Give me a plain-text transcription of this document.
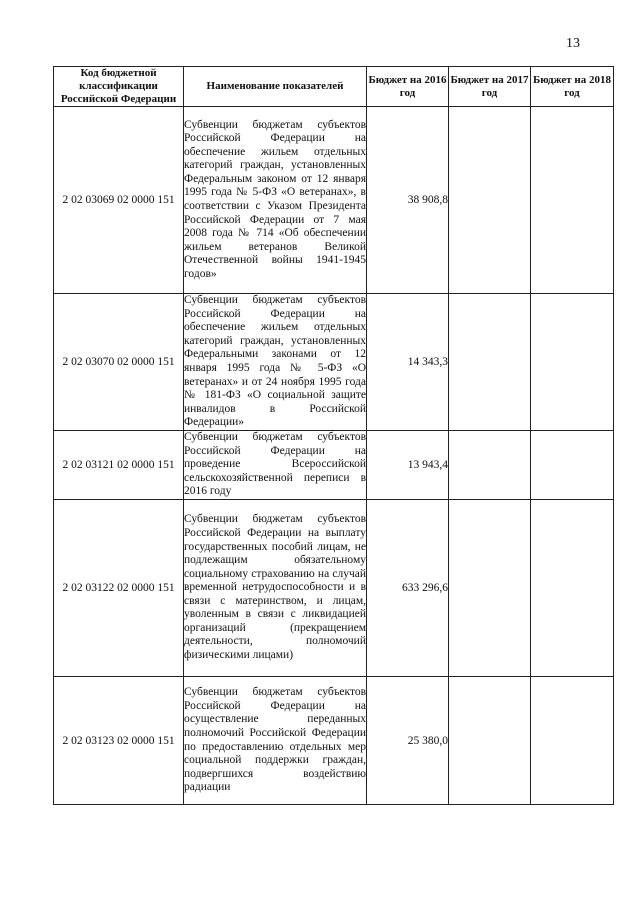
13
Код бюджетной классификации Российской Федерации	Наименование показателей	Бюджет на 2016 год	Бюджет на 2017 год	Бюджет на 2018 год
2 02 03069 02 0000 151	Субвенции бюджетам субъектов Российской Федерации на обеспечение жильем отдельных категорий граждан, установленных Федеральным законом от 12 января 1995 года № 5-ФЗ «О ветеранах», в соответствии с Указом Президента Российской Федерации от 7 мая 2008 года № 714 «Об обеспечении жильем ветеранов Великой Отечественной войны 1941-1945 годов»	38 908,8		
2 02 03070 02 0000 151	Субвенции бюджетам субъектов Российской Федерации на обеспечение жильем отдельных категорий граждан, установленных Федеральными законами от 12 января 1995 года № 5-ФЗ «О ветеранах» и от 24 ноября 1995 года № 181-ФЗ «О социальной защите инвалидов в Российской Федерации»	14 343,3		
2 02 03121 02 0000 151	Субвенции бюджетам субъектов Российской Федерации на проведение Всероссийской сельскохозяйственной переписи в 2016 году	13 943,4		
2 02 03122 02 0000 151	Субвенции бюджетам субъектов Российской Федерации на выплату государственных пособий лицам, не подлежащим обязательному социальному страхованию на случай временной нетрудоспособности и в связи с материнством, и лицам, уволенным в связи с ликвидацией организаций (прекращением деятельности, полномочий физическими лицами)	633 296,6		
2 02 03123 02 0000 151	Субвенции бюджетам субъектов Российской Федерации на осуществление переданных полномочий Российской Федерации по предоставлению отдельных мер социальной поддержки граждан, подвергшихся воздействию радиации	25 380,0		
